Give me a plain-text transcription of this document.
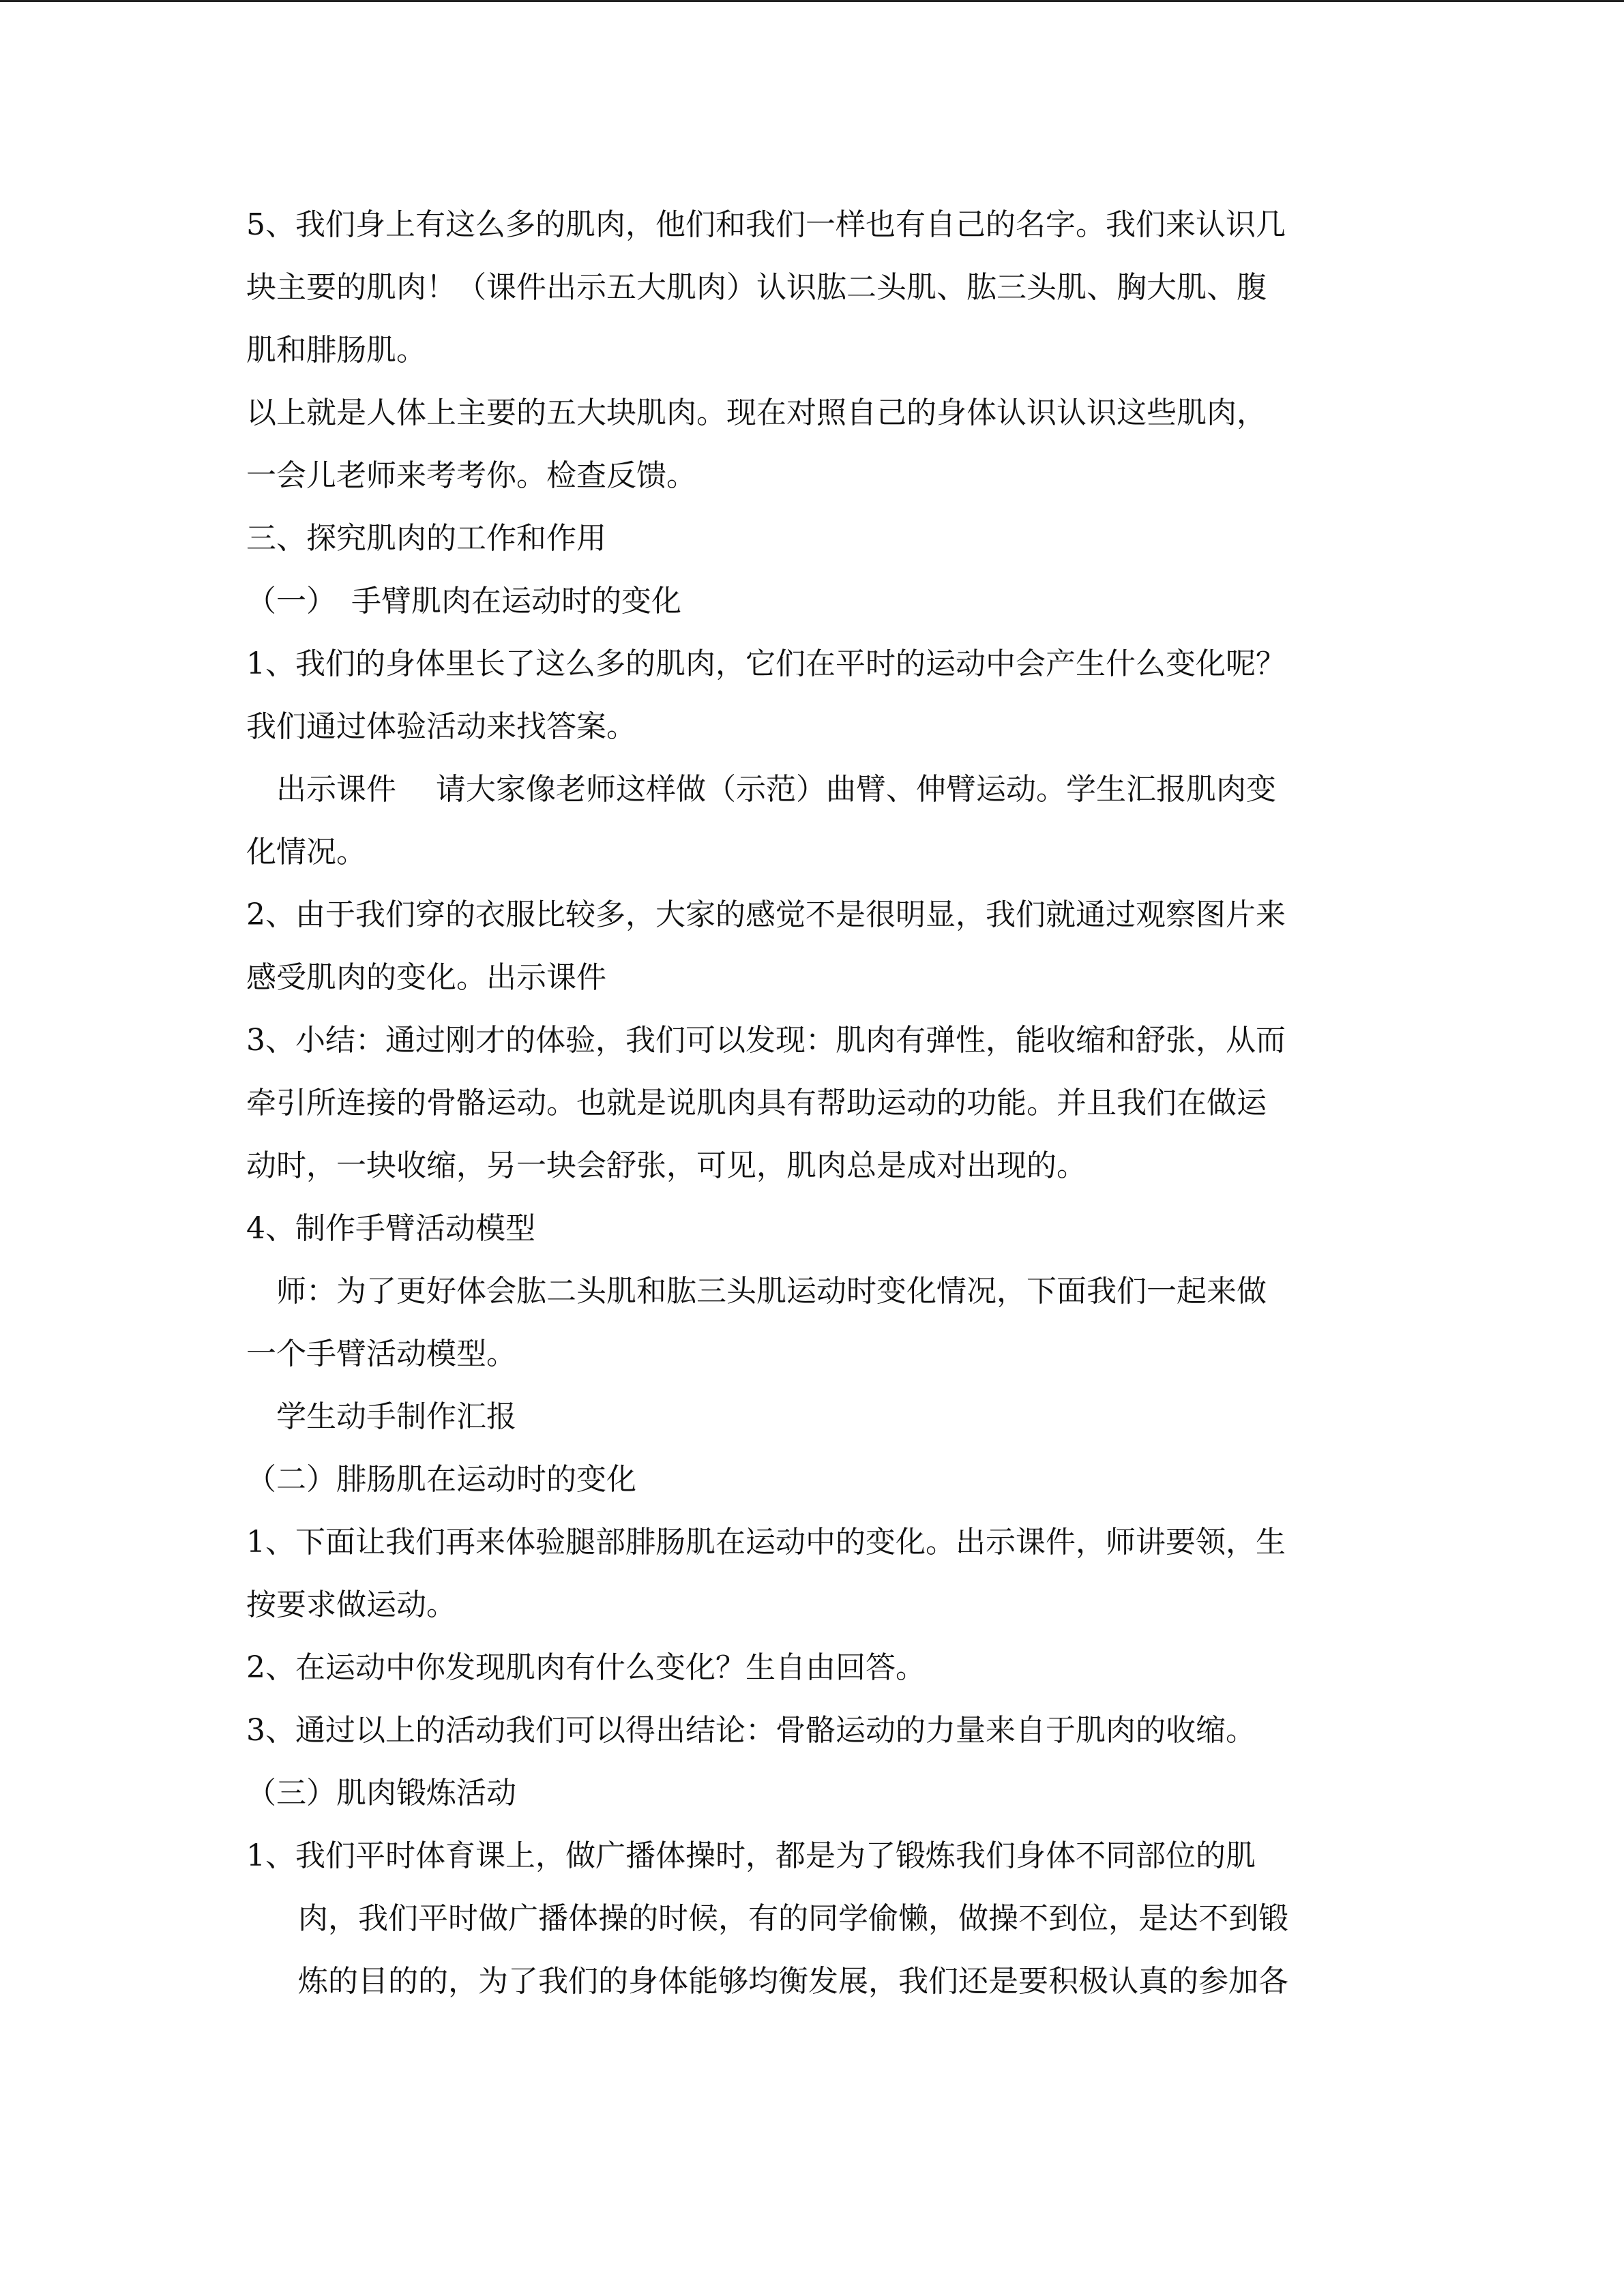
5、我们身上有这么多的肌肉，他们和我们一样也有自己的名字。我们来认识几
块主要的肌肉！（课件出示五大肌肉）认识肱二头肌、肱三头肌、胸大肌、腹
肌和腓肠肌。
以上就是人体上主要的五大块肌肉。现在对照自己的身体认识认识这些肌肉，
一会儿老师来考考你。检查反馈。
三、探究肌肉的工作和作用
（一）　手臂肌肉在运动时的变化
1、我们的身体里长了这么多的肌肉，它们在平时的运动中会产生什么变化呢？
我们通过体验活动来找答案。
　出示课件　 请大家像老师这样做（示范）曲臂、伸臂运动。学生汇报肌肉变
化情况。
2、由于我们穿的衣服比较多，大家的感觉不是很明显，我们就通过观察图片来
感受肌肉的变化。出示课件
3、小结：通过刚才的体验，我们可以发现：肌肉有弹性，能收缩和舒张，从而
牵引所连接的骨骼运动。也就是说肌肉具有帮助运动的功能。并且我们在做运
动时，一块收缩，另一块会舒张，可见，肌肉总是成对出现的。
4、制作手臂活动模型
　师：为了更好体会肱二头肌和肱三头肌运动时变化情况，下面我们一起来做
一个手臂活动模型。
　学生动手制作汇报
（二）腓肠肌在运动时的变化
1、下面让我们再来体验腿部腓肠肌在运动中的变化。出示课件，师讲要领，生
按要求做运动。
2、在运动中你发现肌肉有什么变化？生自由回答。
3、通过以上的活动我们可以得出结论：骨骼运动的力量来自于肌肉的收缩。
（三）肌肉锻炼活动
1、我们平时体育课上，做广播体操时，都是为了锻炼我们身体不同部位的肌
肉，我们平时做广播体操的时候，有的同学偷懒，做操不到位，是达不到锻
炼的目的的，为了我们的身体能够均衡发展，我们还是要积极认真的参加各
